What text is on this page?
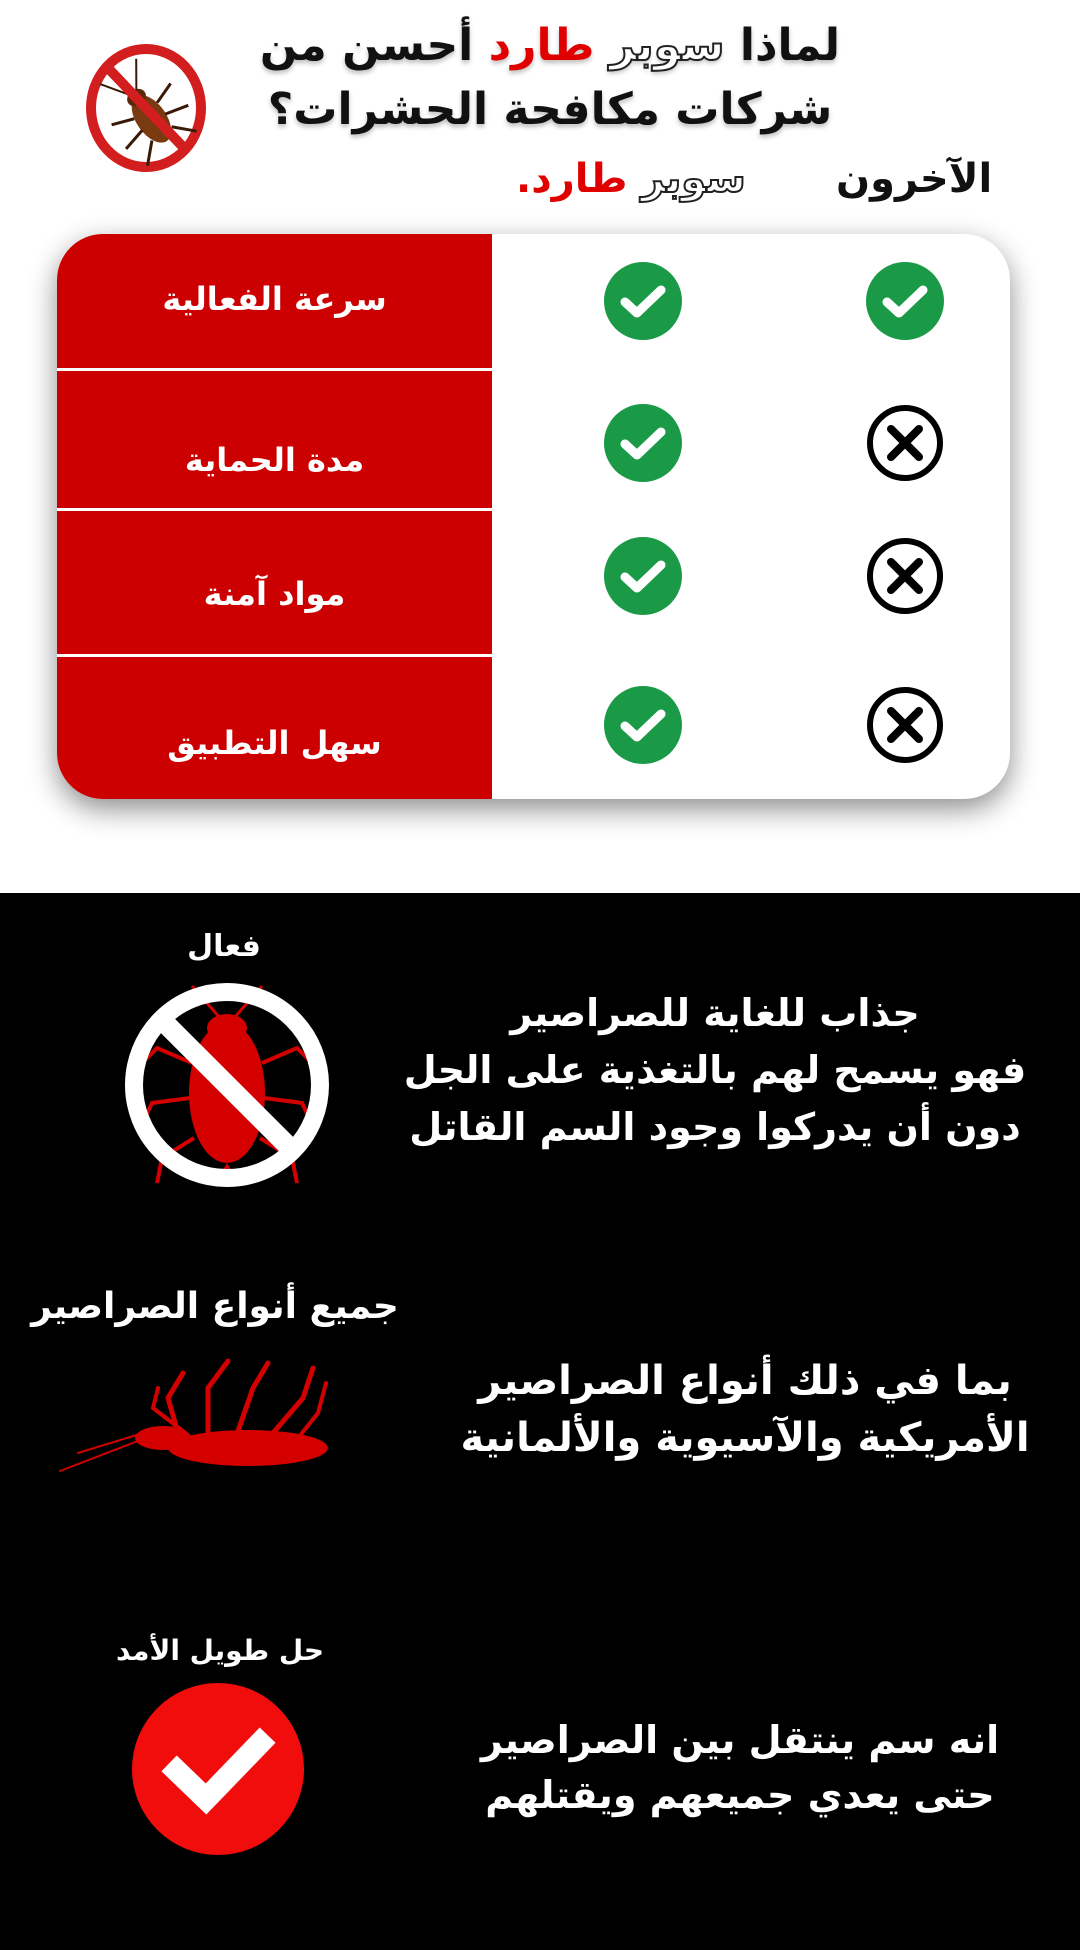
لماذا سوبر طارد أحسن من
شركات مكافحة الحشرات؟
سوبر طارد.	الآخرون
سرعة الفعالية
مدة الحماية
مواد آمنة
سهل التطبيق
فعال
جذاب للغاية للصراصير
فهو يسمح لهم بالتغذية على الجل
دون أن يدركوا وجود السم القاتل
جميع أنواع الصراصير
بما في ذلك أنواع الصراصير
الأمريكية والآسيوية والألمانية
حل طويل الأمد
انه سم ينتقل بين الصراصير
حتى يعدي جميعهم ويقتلهم
